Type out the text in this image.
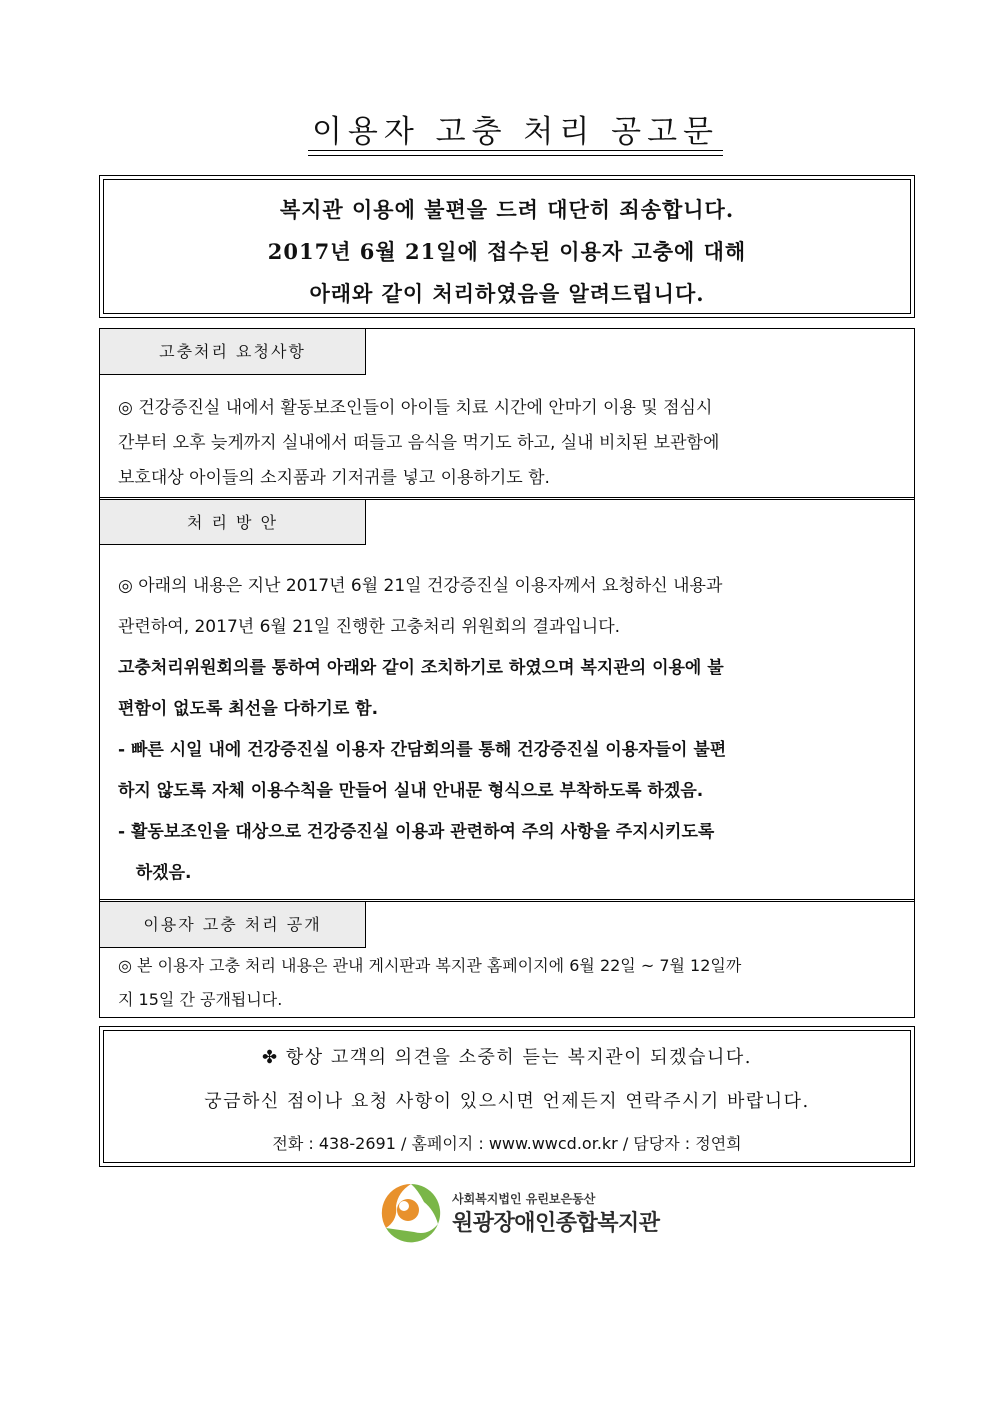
이용자 고충 처리 공고문
복지관 이용에 불편을 드려 대단히 죄송합니다.
2017년 6월 21일에 접수된 이용자 고충에 대해
아래와 같이 처리하였음을 알려드립니다.
고충처리 요청사항
◎ 건강증진실 내에서 활동보조인들이 아이들 치료 시간에 안마기 이용 및 점심시
간부터 오후 늦게까지 실내에서 떠들고 음식을 먹기도 하고, 실내 비치된 보관함에
보호대상 아이들의 소지품과 기저귀를 넣고 이용하기도 함.
처 리 방 안
◎ 아래의 내용은 지난 2017년 6월 21일 건강증진실 이용자께서 요청하신 내용과
관련하여, 2017년 6월 21일 진행한 고충처리 위원회의 결과입니다.
고충처리위원회의를 통하여 아래와 같이 조치하기로 하였으며 복지관의 이용에 불
편함이 없도록 최선을 다하기로 함.
- 빠른 시일 내에 건강증진실 이용자 간담회의를 통해 건강증진실 이용자들이 불편
하지 않도록 자체 이용수칙을 만들어 실내 안내문 형식으로 부착하도록 하겠음.
- 활동보조인을 대상으로 건강증진실 이용과 관련하여 주의 사항을 주지시키도록
하겠음.
이용자 고충 처리 공개
◎ 본 이용자 고충 처리 내용은 관내 게시판과 복지관 홈페이지에 6월 22일 ~ 7월 12일까
지 15일 간 공개됩니다.
✤ 항상 고객의 의견을 소중히 듣는 복지관이 되겠습니다.
궁금하신 점이나 요청 사항이 있으시면 언제든지 연락주시기 바랍니다.
전화 : 438-2691 / 홈페이지 : www.wwcd.or.kr / 담당자 : 정연희
사회복지법인 유린보은동산
원광장애인종합복지관
